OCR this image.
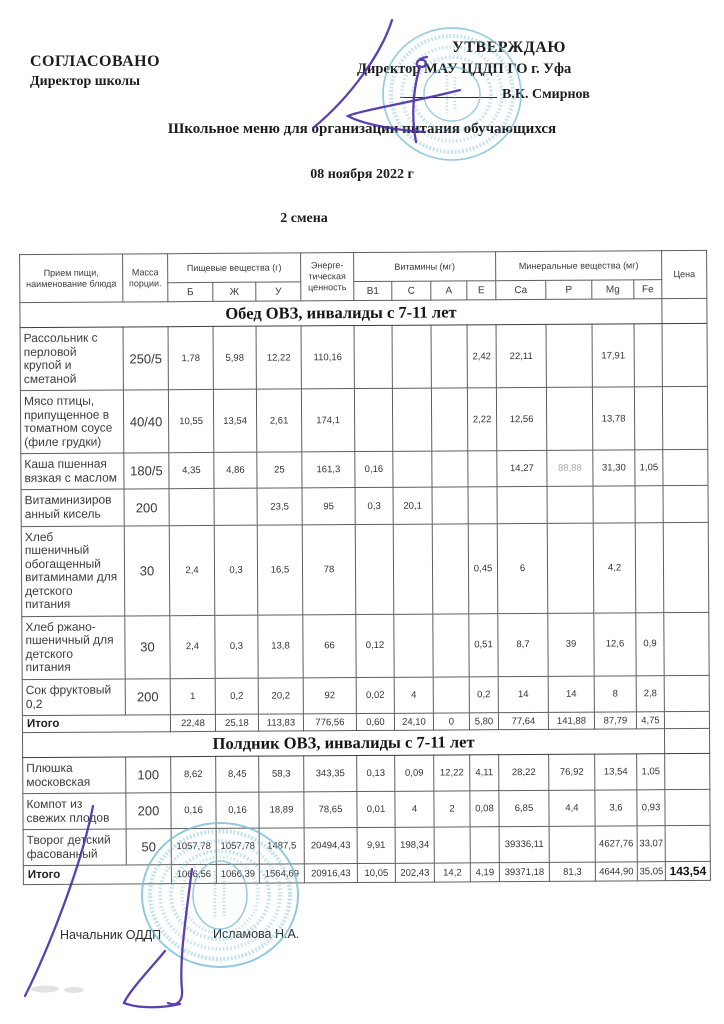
СОГЛАСОВАНО
Директор школы
УТВЕРЖДАЮ
Директор МАУ ЦДДП ГО г. Уфа
В.К. Смирнов
Школьное меню для организации питания обучающихся
08 ноября 2022 г
2 смена
Прием пищи, наименование блюда	Масса порции.	Пищевые вещества (г)			Энерге- тическая ценность	Витамины (мг)				Минеральные вещества (мг)				Цена
		Б	Ж	У		В1	С	А	Е	Ca	P	Mg	Fe	
Обед ОВЗ, инвалиды с 7-11 лет														
Рассольник с
перловой
крупой и
сметаной	250/5	1,78	5,98	12,22	110,16				2,42	22,11		17,91		
Мясо птицы,
припущенное в
томатном соусе
(филе грудки)	40/40	10,55	13,54	2,61	174,1				2,22	12,56		13,78		
Каша пшенная
вязкая с маслом	180/5	4,35	4,86	25	161,3	0,16				14,27	88,88	31,30	1,05	
Витаминизиров
анный кисель	200			23,5	95	0,3	20,1							
Хлеб
пшеничный
обогащенный
витаминами для
детского
питания	30	2,4	0,3	16,5	78				0,45	6		4,2		
Хлеб ржано-
пшеничный для
детского
питания	30	2,4	0,3	13,8	66	0,12			0,51	8,7	39	12,6	0,9	
Сок фруктовый
0,2	200	1	0,2	20,2	92	0,02	4		0,2	14	14	8	2,8	
Итого		22,48	25,18	113,83	776,56	0,60	24,10	0	5,80	77,64	141,88	87,79	4,75	
Полдник ОВЗ, инвалиды с 7-11 лет														
Плюшка
московская	100	8,62	8,45	58,3	343,35	0,13	0,09	12,22	4,11	28,22	76,92	13,54	1,05	
Компот из
свежих плодов	200	0,16	0,16	18,89	78,65	0,01	4	2	0,08	6,85	4,4	3,6	0,93	
Творог детский
фасованный	50	1057,78	1057,78	1487,5	20494,43	9,91	198,34			39336,11		4627,76	33,07	
Итого		1066,56	1066,39	1564,69	20916,43	10,05	202,43	14,2	4,19	39371,18	81,3	4644,90	35,05	143,54
Начальник ОДДП	Исламова Н.А.
